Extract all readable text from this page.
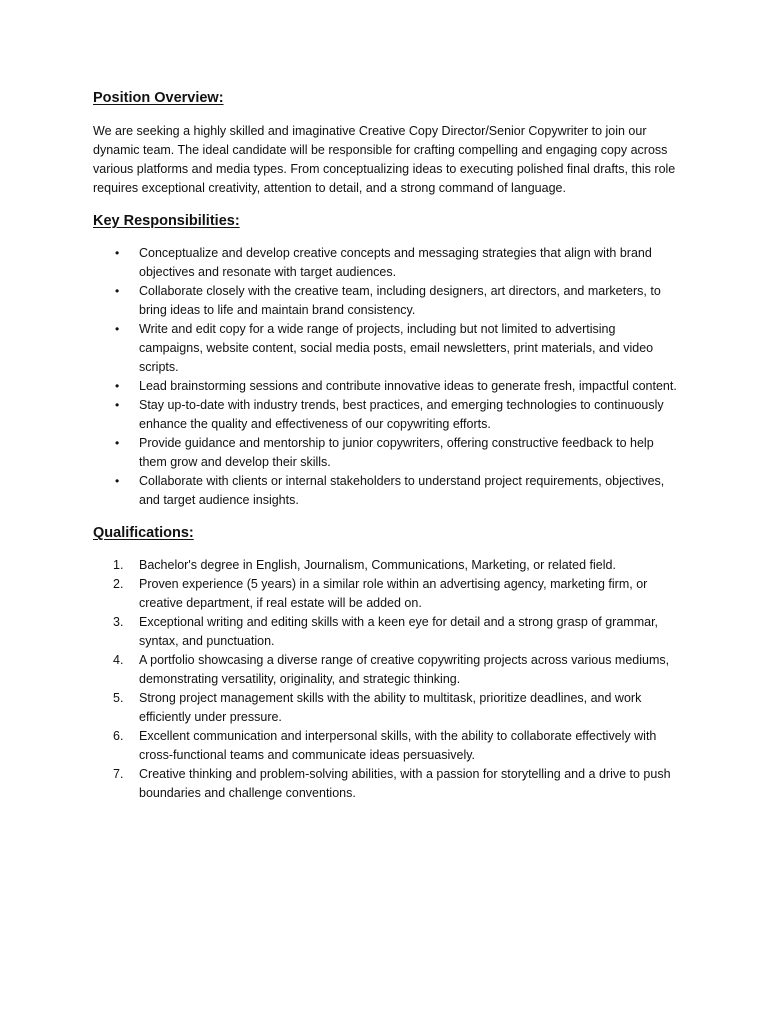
Position Overview:

We are seeking a highly skilled and imaginative Creative Copy Director/Senior Copywriter to join our dynamic team. The ideal candidate will be responsible for crafting compelling and engaging copy across various platforms and media types. From conceptualizing ideas to executing polished final drafts, this role requires exceptional creativity, attention to detail, and a strong command of language.

Key Responsibilities:
• Conceptualize and develop creative concepts and messaging strategies that align with brand objectives and resonate with target audiences.
• Collaborate closely with the creative team, including designers, art directors, and marketers, to bring ideas to life and maintain brand consistency.
• Write and edit copy for a wide range of projects, including but not limited to advertising campaigns, website content, social media posts, email newsletters, print materials, and video scripts.
• Lead brainstorming sessions and contribute innovative ideas to generate fresh, impactful content.
• Stay up-to-date with industry trends, best practices, and emerging technologies to continuously enhance the quality and effectiveness of our copywriting efforts.
• Provide guidance and mentorship to junior copywriters, offering constructive feedback to help them grow and develop their skills.
• Collaborate with clients or internal stakeholders to understand project requirements, objectives, and target audience insights.
Qualifications:
1. Bachelor's degree in English, Journalism, Communications, Marketing, or related field.
2. Proven experience (5 years) in a similar role within an advertising agency, marketing firm, or creative department, if real estate will be added on.
3. Exceptional writing and editing skills with a keen eye for detail and a strong grasp of grammar, syntax, and punctuation.
4. A portfolio showcasing a diverse range of creative copywriting projects across various mediums, demonstrating versatility, originality, and strategic thinking.
5. Strong project management skills with the ability to multitask, prioritize deadlines, and work efficiently under pressure.
6. Excellent communication and interpersonal skills, with the ability to collaborate effectively with cross-functional teams and communicate ideas persuasively.
7. Creative thinking and problem-solving abilities, with a passion for storytelling and a drive to push boundaries and challenge conventions.
